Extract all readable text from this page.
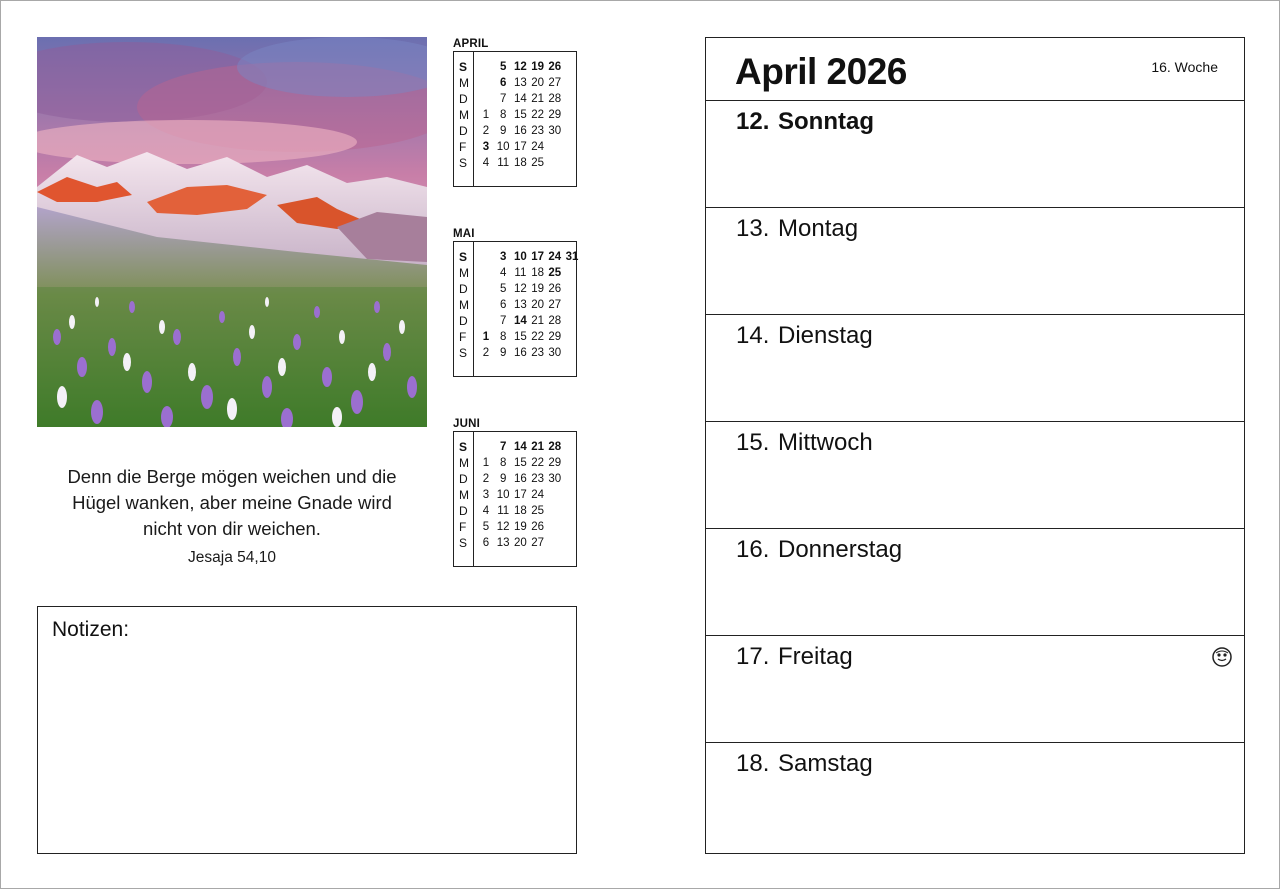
Denn die Berge mögen weichen und die
Hügel wanken, aber meine Gnade wird
nicht von dir weichen.
Jesaja 54,10
APRIL
S
M
D
M
D
F
S
1
2
3
4
5
6
7
8
9
10
11
12
13
14
15
16
17
18
19
20
21
22
23
24
25
26
27
28
29
30
MAI
S
M
D
M
D
F
S
1
2
3
4
5
6
7
8
9
10
11
12
13
14
15
16
17
18
19
20
21
22
23
24
25
26
27
28
29
30
31
JUNI
S
M
D
M
D
F
S
1
2
3
4
5
6
7
8
9
10
11
12
13
14
15
16
17
18
19
20
21
22
23
24
25
26
27
28
29
30
Notizen:
April 2026	16. Woche
12. Sonntag
13. Montag
14. Dienstag
15. Mittwoch
16. Donnerstag
17. Freitag
18. Samstag
